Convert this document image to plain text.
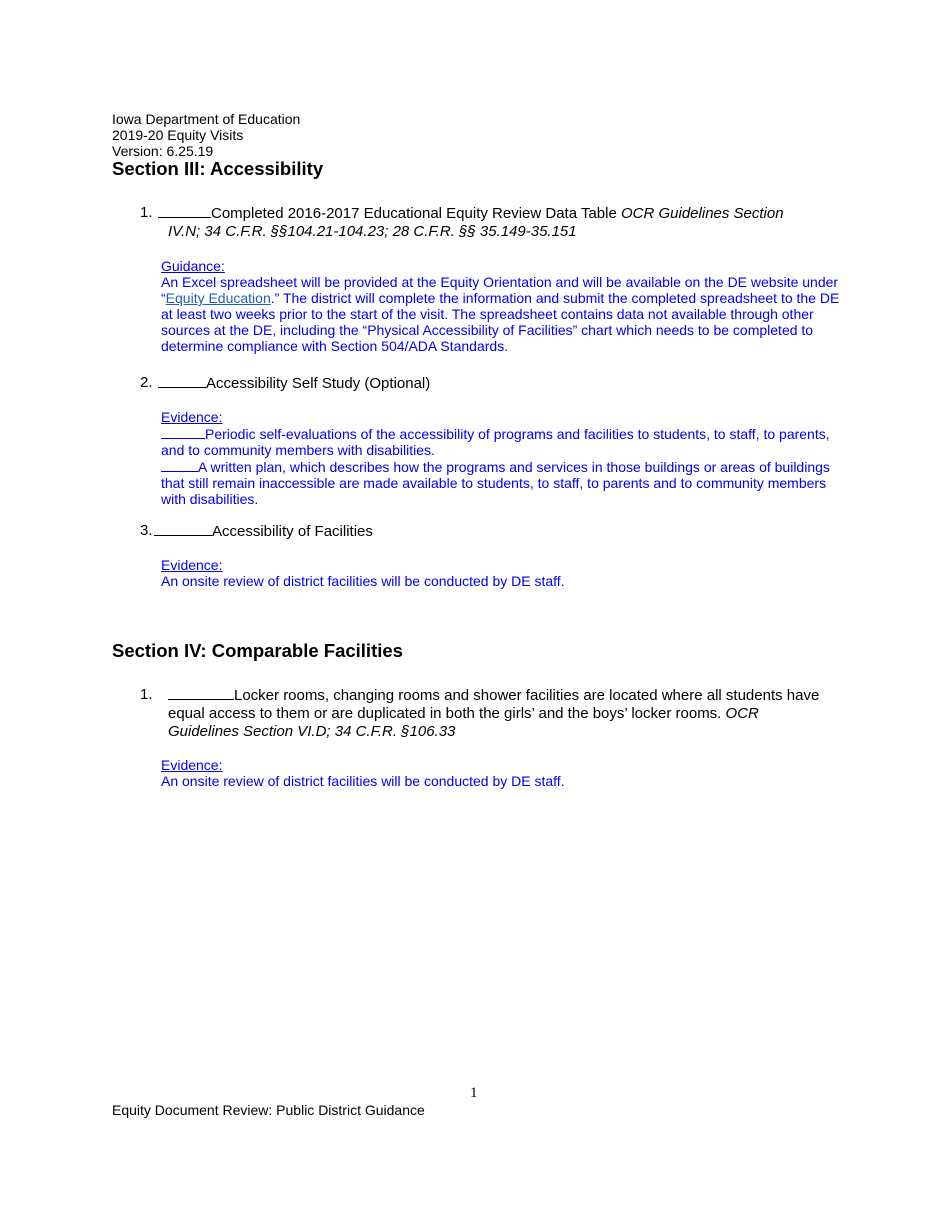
Iowa Department of Education
2019-20 Equity Visits
Version: 6.25.19
Section III: Accessibility
1.	Completed 2016-2017 Educational Equity Review Data Table OCR Guidelines Section
IV.N; 34 C.F.R. §§104.21-104.23; 28 C.F.R. §§ 35.149-35.151
Guidance:
An Excel spreadsheet will be provided at the Equity Orientation and will be available on the DE website under “Equity Education.” The district will complete the information and submit the completed spreadsheet to the DE at least two weeks prior to the start of the visit. The spreadsheet contains data not available through other sources at the DE, including the “Physical Accessibility of Facilities” chart which needs to be completed to determine compliance with Section 504/ADA Standards.
2.	Accessibility Self Study (Optional)
Evidence:
Periodic self-evaluations of the accessibility of programs and facilities to students, to staff, to parents, and to community members with disabilities.
A written plan, which describes how the programs and services in those buildings or areas of buildings that still remain inaccessible are made available to students, to staff, to parents and to community members with disabilities.
3.	Accessibility of Facilities
Evidence:
An onsite review of district facilities will be conducted by DE staff.
Section IV: Comparable Facilities
1.	Locker rooms, changing rooms and shower facilities are located where all students have equal access to them or are duplicated in both the girls’ and the boys’ locker rooms. OCR Guidelines Section VI.D; 34 C.F.R. §106.33
Evidence:
An onsite review of district facilities will be conducted by DE staff.
1
Equity Document Review: Public District Guidance
